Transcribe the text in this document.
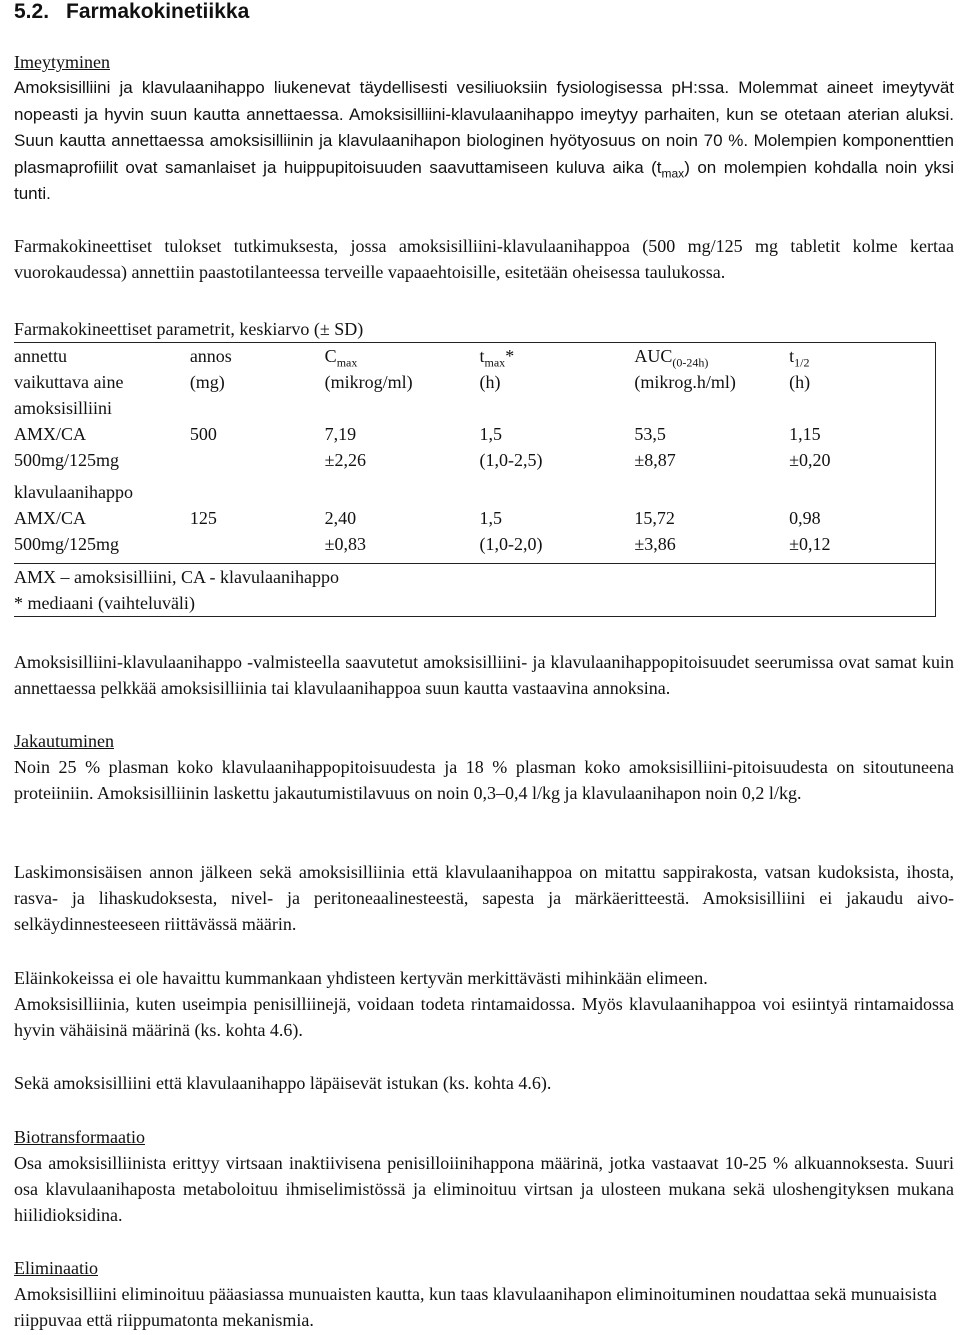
5.2. Farmakokinetiikka
Imeytyminen
Amoksisilliini ja klavulaanihappo liukenevat täydellisesti vesiliuoksiin fysiologisessa pH:ssa. Molemmat aineet imeytyvät nopeasti ja hyvin suun kautta annettaessa. Amoksisilliini-klavulaanihappo imeytyy parhaiten, kun se otetaan aterian aluksi. Suun kautta annettaessa amoksisilliinin ja klavulaanihapon biologinen hyötyosuus on noin 70 %. Molempien komponenttien plasmaprofiilit ovat samanlaiset ja huippupitoisuuden saavuttamiseen kuluva aika $(t_{max})$ on molempien kohdalla noin yksi tunti.
Farmakokineettiset tulokset tutkimuksesta, jossa amoksisilliini-klavulaanihappoa (500 mg/125 mg tabletit kolme kertaa vuorokaudessa) annettiin paastotilanteessa terveille vapaaehtoisille, esitetään oheisessa taulukossa.
Farmakokineettiset parametrit, keskiarvo (± SD)
annettu
vaikuttava aine
annos
(mg)
$C_{max}$
(mikrog/ml)
$t_{max}*$
(h)
$AUC_{(0-24h)}$
(mikrog.h/ml)
$t_{1/2}$
(h)
amoksisilliini
AMX/CA
500mg/125mg
500	7,19
±2,26
1,5
(1,0-2,5)
53,5
±8,87
1,15
±0,20
klavulaanihappo
AMX/CA
500mg/125mg
125	2,40
±0,83
1,5
(1,0-2,0)
15,72
±3,86
0,98
±0,12
AMX – amoksisilliini, CA - klavulaanihappo
* mediaani (vaihteluväli)
Amoksisilliini-klavulaanihappo -valmisteella saavutetut amoksisilliini- ja klavulaanihappopitoisuudet seerumissa ovat samat kuin annettaessa pelkkää amoksisilliinia tai klavulaanihappoa suun kautta vastaavina annoksina.
Jakautuminen
Noin 25 % plasman koko klavulaanihappopitoisuudesta ja 18 % plasman koko amoksisilliini-pitoisuudesta on sitoutuneena proteiiniin. Amoksisilliinin laskettu jakautumistilavuus on noin 0,3–0,4 l/kg ja klavulaanihapon noin 0,2 l/kg.
Laskimonsisäisen annon jälkeen sekä amoksisilliinia että klavulaanihappoa on mitattu sappirakosta, vatsan kudoksista, ihosta, rasva- ja lihaskudoksesta, nivel- ja peritoneaalinesteestä, sapesta ja märkäeritteestä. Amoksisilliini ei jakaudu aivo-selkäydinnesteeseen riittävässä määrin.
Eläinkokeissa ei ole havaittu kummankaan yhdisteen kertyvän merkittävästi mihinkään elimeen.
Amoksisilliinia, kuten useimpia penisilliinejä, voidaan todeta rintamaidossa. Myös klavulaanihappoa voi esiintyä rintamaidossa hyvin vähäisinä määrinä (ks. kohta 4.6).
Sekä amoksisilliini että klavulaanihappo läpäisevät istukan (ks. kohta 4.6).
Biotransformaatio
Osa amoksisilliinista erittyy virtsaan inaktiivisena penisilloiinihappona määrinä, jotka vastaavat 10-25 % alkuannoksesta. Suuri osa klavulaanihaposta metaboloituu ihmiselimistössä ja eliminoituu virtsan ja ulosteen mukana sekä uloshengityksen mukana hiilidioksidina.
Eliminaatio
Amoksisilliini eliminoituu pääasiassa munuaisten kautta, kun taas klavulaanihapon eliminoituminen noudattaa sekä munuaisista riippuvaa että riippumatonta mekanismia.
